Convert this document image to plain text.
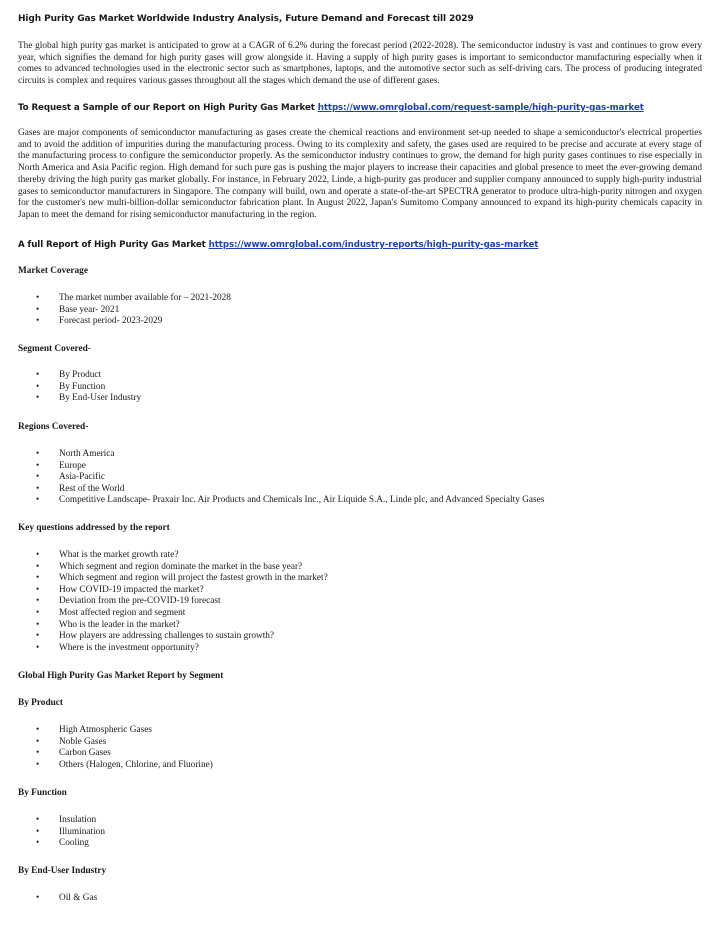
High Purity Gas Market Worldwide Industry Analysis, Future Demand and Forecast till 2029

The global high purity gas market is anticipated to grow at a CAGR of 6.2% during the forecast period (2022-2028). The semiconductor industry is vast and continues to grow every year, which signifies the demand for high purity gases will grow alongside it. Having a supply of high purity gases is important to semiconductor manufacturing especially when it comes to advanced technologies used in the electronic sector such as smartphones, laptops, and the automotive sector such as self-driving cars. The process of producing integrated circuits is complex and requires various gasses throughout all the stages which demand the use of different gases.

To Request a Sample of our Report on High Purity Gas Market https://www.omrglobal.com/request-sample/high-purity-gas-market

Gases are major components of semiconductor manufacturing as gases create the chemical reactions and environment set-up needed to shape a semiconductor's electrical properties and to avoid the addition of impurities during the manufacturing process. Owing to its complexity and safety, the gases used are required to be precise and accurate at every stage of the manufacturing process to configure the semiconductor properly. As the semiconductor industry continues to grow, the demand for high purity gases continues to rise especially in North America and Asia Pacific region. High demand for such pure gas is pushing the major players to increase their capacities and global presence to meet the ever-growing demand thereby driving the high purity gas market globally. For instance, in February 2022, Linde, a high-purity gas producer and supplier company announced to supply high-purity industrial gases to semiconductor manufacturers in Singapore. The company will build, own and operate a state-of-the-art SPECTRA generator to produce ultra-high-purity nitrogen and oxygen for the customer's new multi-billion-dollar semiconductor fabrication plant. In August 2022, Japan's Sumitomo Company announced to expand its high-purity chemicals capacity in Japan to meet the demand for rising semiconductor manufacturing in the region.

A full Report of High Purity Gas Market https://www.omrglobal.com/industry-reports/high-purity-gas-market
Market Coverage
• The market number available for – 2021-2028
• Base year- 2021
• Forecast period- 2023-2029
Segment Covered-
• By Product
• By Function
• By End-User Industry
Regions Covered-
• North America
• Europe
• Asia-Pacific
• Rest of the World
• Competitive Landscape- Praxair Inc. Air Products and Chemicals Inc., Air Liquide S.A., Linde plc, and Advanced Specialty Gases
Key questions addressed by the report
• What is the market growth rate?
• Which segment and region dominate the market in the base year?
• Which segment and region will project the fastest growth in the market?
• How COVID-19 impacted the market?
• Deviation from the pre-COVID-19 forecast
• Most affected region and segment
• Who is the leader in the market?
• How players are addressing challenges to sustain growth?
• Where is the investment opportunity?
Global High Purity Gas Market Report by Segment
By Product
• High Atmospheric Gases
• Noble Gases
• Carbon Gases
• Others (Halogen, Chlorine, and Fluorine)
By Function
• Insulation
• Illumination
• Cooling
By End-User Industry
• Oil & Gas
